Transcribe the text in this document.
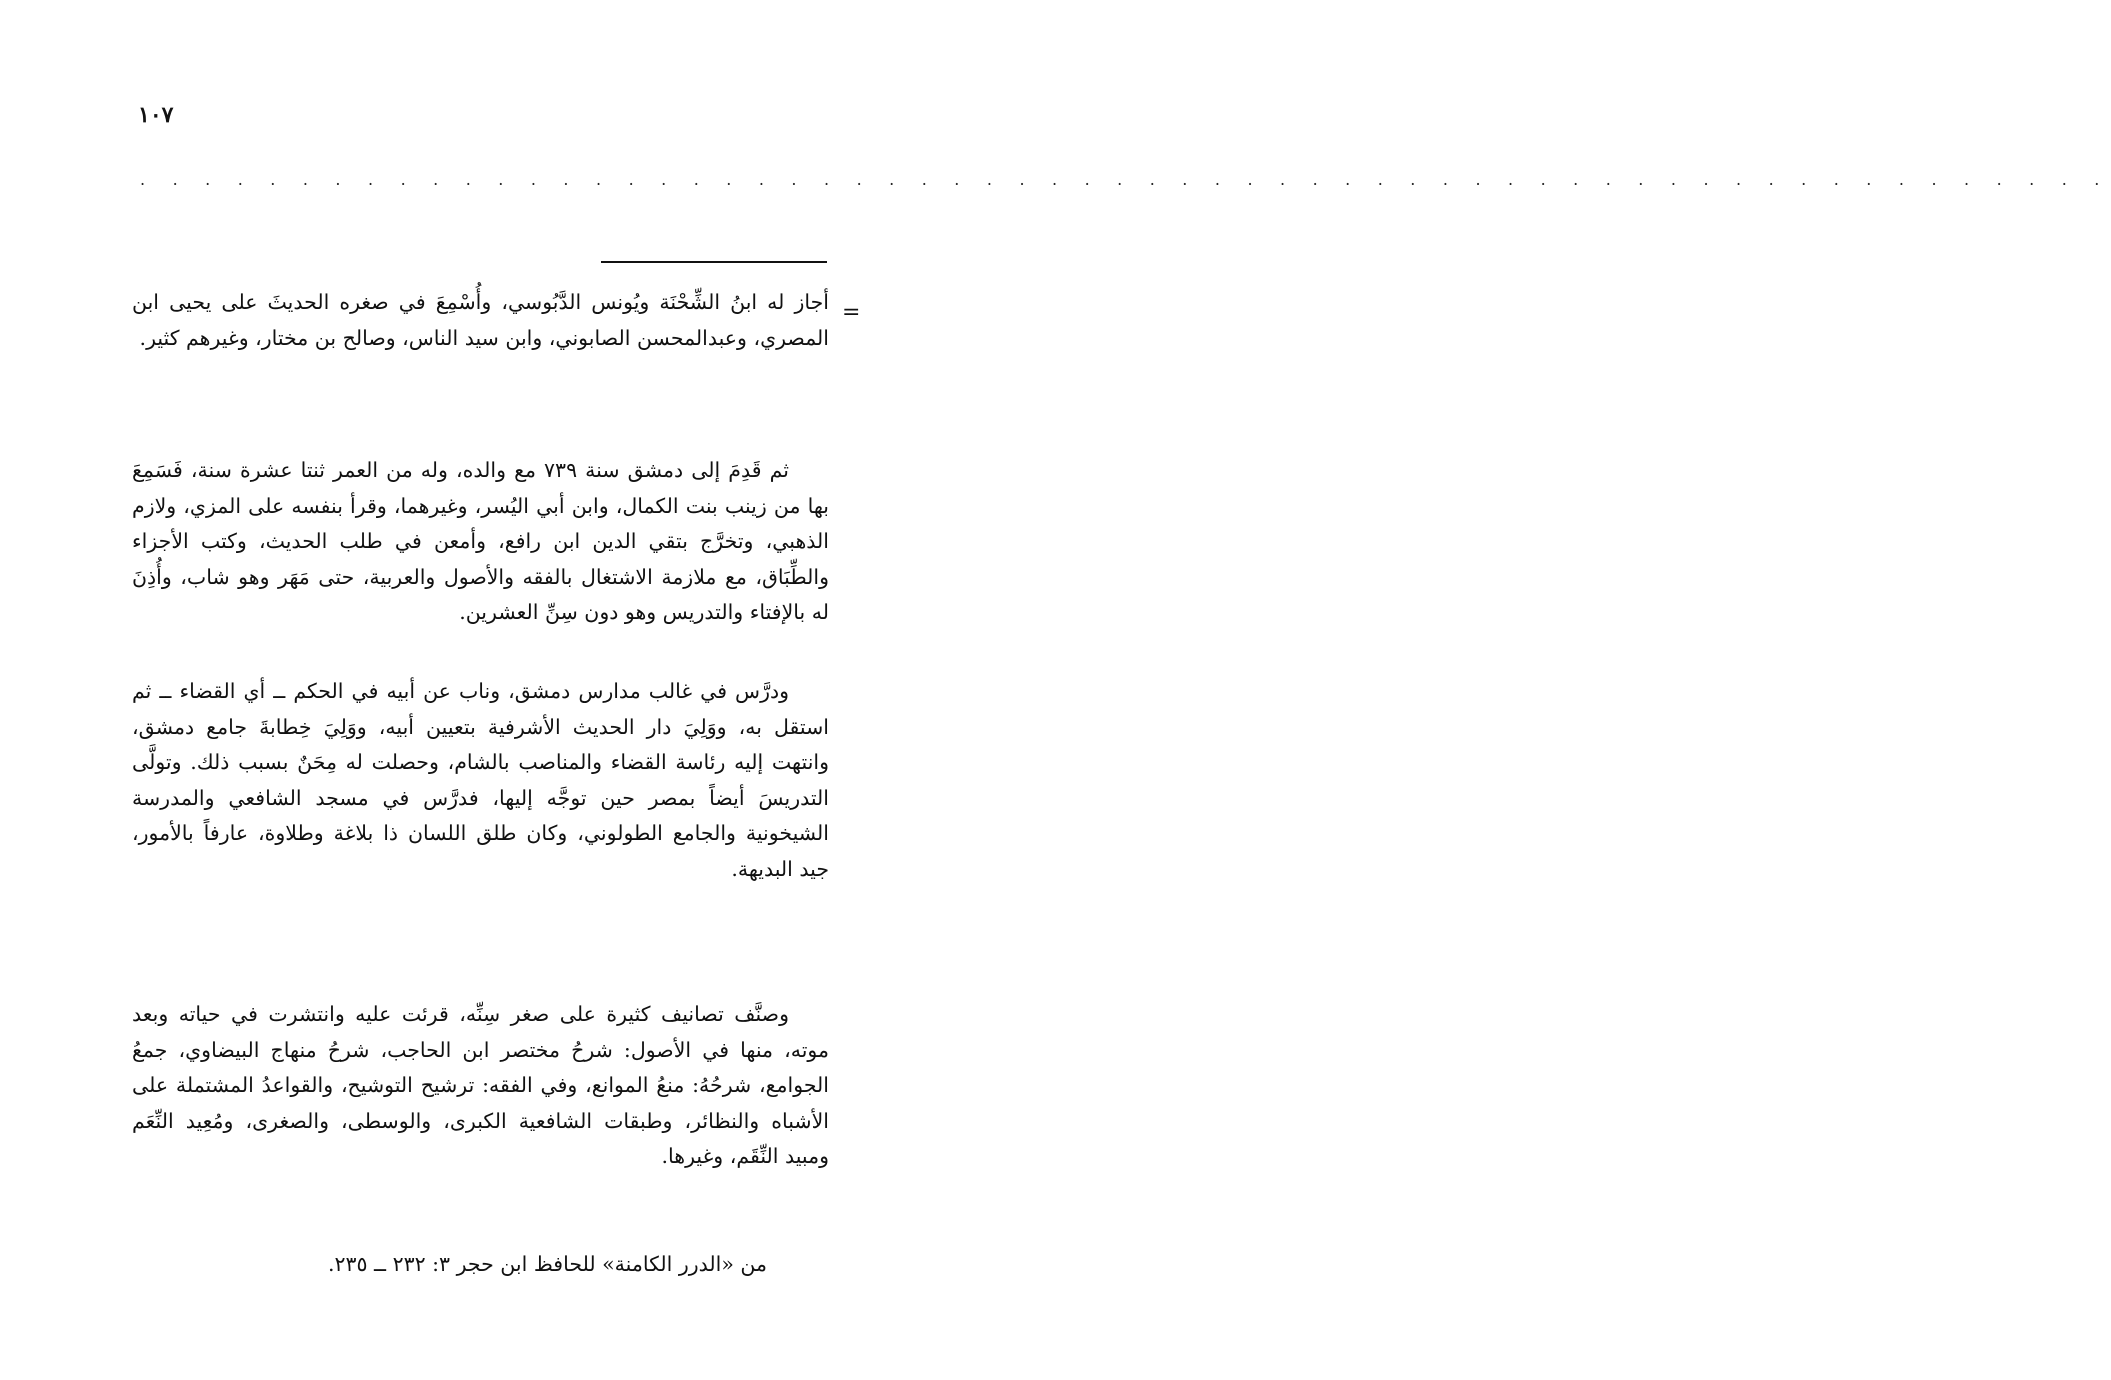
١٠٧
. . . . . . . . . . . . . . . . . . . . . . . . . . . . . . . . . . . . . . . . . . . . . . . . . . . . . . . . . . . . .
=
أجاز له ابنُ الشِّحْنَة ويُونس الدَّبُوسي، وأُسْمِعَ في صغره الحديثَ على يحيى ابن المصري، وعبدالمحسن الصابوني، وابن سيد الناس، وصالح بن مختار، وغيرهم كثير.
ثم قَدِمَ إلى دمشق سنة ٧٣٩ مع والده، وله من العمر ثنتا عشرة سنة، فَسَمِعَ بها من زينب بنت الكمال، وابن أبي اليُسر، وغيرهما، وقرأ بنفسه على المزي، ولازم الذهبي، وتخرَّج بتقي الدين ابن رافع، وأمعن في طلب الحديث، وكتب الأجزاء والطِّبَاق، مع ملازمة الاشتغال بالفقه والأصول والعربية، حتى مَهَر وهو شاب، وأُذِنَ له بالإفتاء والتدريس وهو دون سِنِّ العشرين.
ودرَّس في غالب مدارس دمشق، وناب عن أبيه في الحكم ــ أي القضاء ــ ثم استقل به، ووَلِيَ دار الحديث الأشرفية بتعيين أبيه، ووَلِيَ خِطابةَ جامع دمشق، وانتهت إليه رئاسة القضاء والمناصب بالشام، وحصلت له مِحَنٌ بسبب ذلك. وتولَّى التدريسَ أيضاً بمصر حين توجَّه إليها، فدرَّس في مسجد الشافعي والمدرسة الشيخونية والجامع الطولوني، وكان طلق اللسان ذا بلاغة وطلاوة، عارفاً بالأمور، جيد البديهة.
وصنَّف تصانيف كثيرة على صغر سِنِّه، قرئت عليه وانتشرت في حياته وبعد موته، منها في الأصول: شرحُ مختصر ابن الحاجب، شرحُ منهاج البيضاوي، جمعُ الجوامع، شرحُهُ: منعُ الموانع، وفي الفقه: ترشيح التوشيح، والقواعدُ المشتملة على الأشباه والنظائر، وطبقات الشافعية الكبرى، والوسطى، والصغرى، ومُعِيد النِّعَم ومبيد النِّقَم، وغيرها.
من «الدرر الكامنة» للحافظ ابن حجر ٣: ٢٣٢ ــ ٢٣٥.
